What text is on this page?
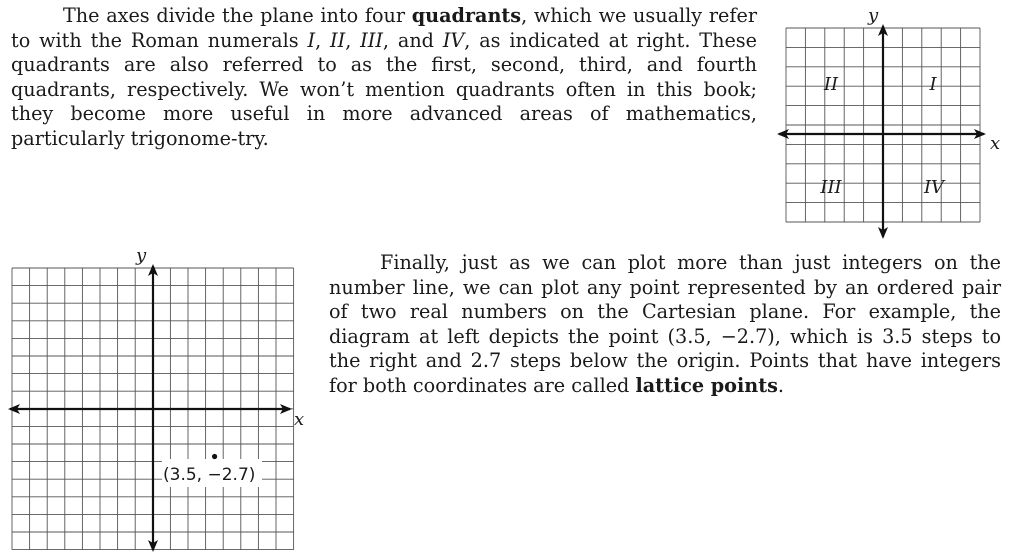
The axes divide the plane into four quadrants, which we usually refer to with the Roman numerals I, II, III, and IV, as indicated at right. These quadrants are also referred to as the first, second, third, and fourth quadrants, respectively. We won’t mention quadrants often in this book; they become more useful in more advanced areas of mathematics, particularly trigonome-try.

Finally, just as we can plot more than just integers on the number line, we can plot any point represented by an ordered pair of two real numbers on the Cartesian plane. For example, the diagram at left depicts the point (3.5, −2.7), which is 3.5 steps to the right and 2.7 steps below the origin. Points that have integers for both coordinates are called lattice points.

y
x
I
II
III	IV
y
x
(3.5, −2.7)
